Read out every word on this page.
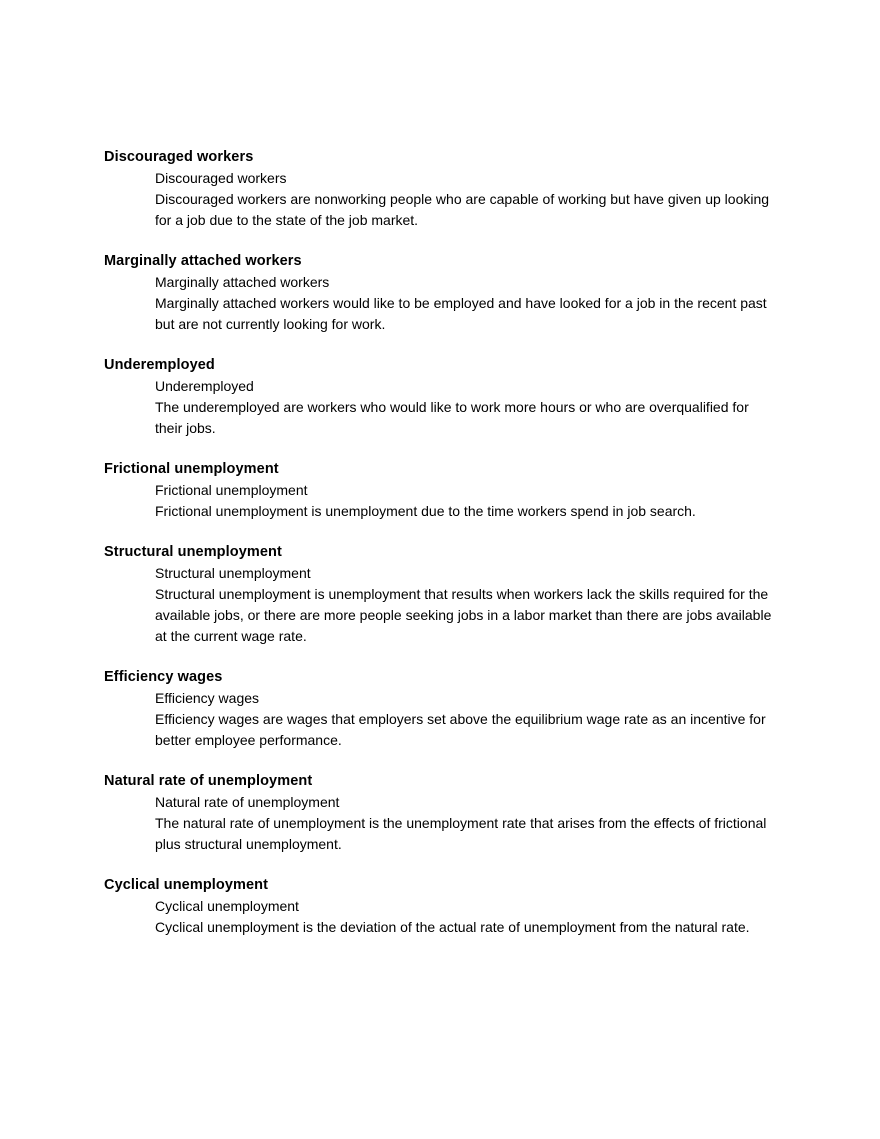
Discouraged workers

Discouraged workers

Discouraged workers are nonworking people who are capable of working but have given up looking for a job due to the state of the job market.

Marginally attached workers

Marginally attached workers

Marginally attached workers would like to be employed and have looked for a job in the recent past but are not currently looking for work.

Underemployed

Underemployed

The underemployed are workers who would like to work more hours or who are overqualified for their jobs.

Frictional unemployment

Frictional unemployment

Frictional unemployment is unemployment due to the time workers spend in job search.

Structural unemployment

Structural unemployment

Structural unemployment is unemployment that results when workers lack the skills required for the available jobs, or there are more people seeking jobs in a labor market than there are jobs available at the current wage rate.

Efficiency wages

Efficiency wages

Efficiency wages are wages that employers set above the equilibrium wage rate as an incentive for better employee performance.

Natural rate of unemployment

Natural rate of unemployment

The natural rate of unemployment is the unemployment rate that arises from the effects of frictional plus structural unemployment.

Cyclical unemployment

Cyclical unemployment

Cyclical unemployment is the deviation of the actual rate of unemployment from the natural rate.
